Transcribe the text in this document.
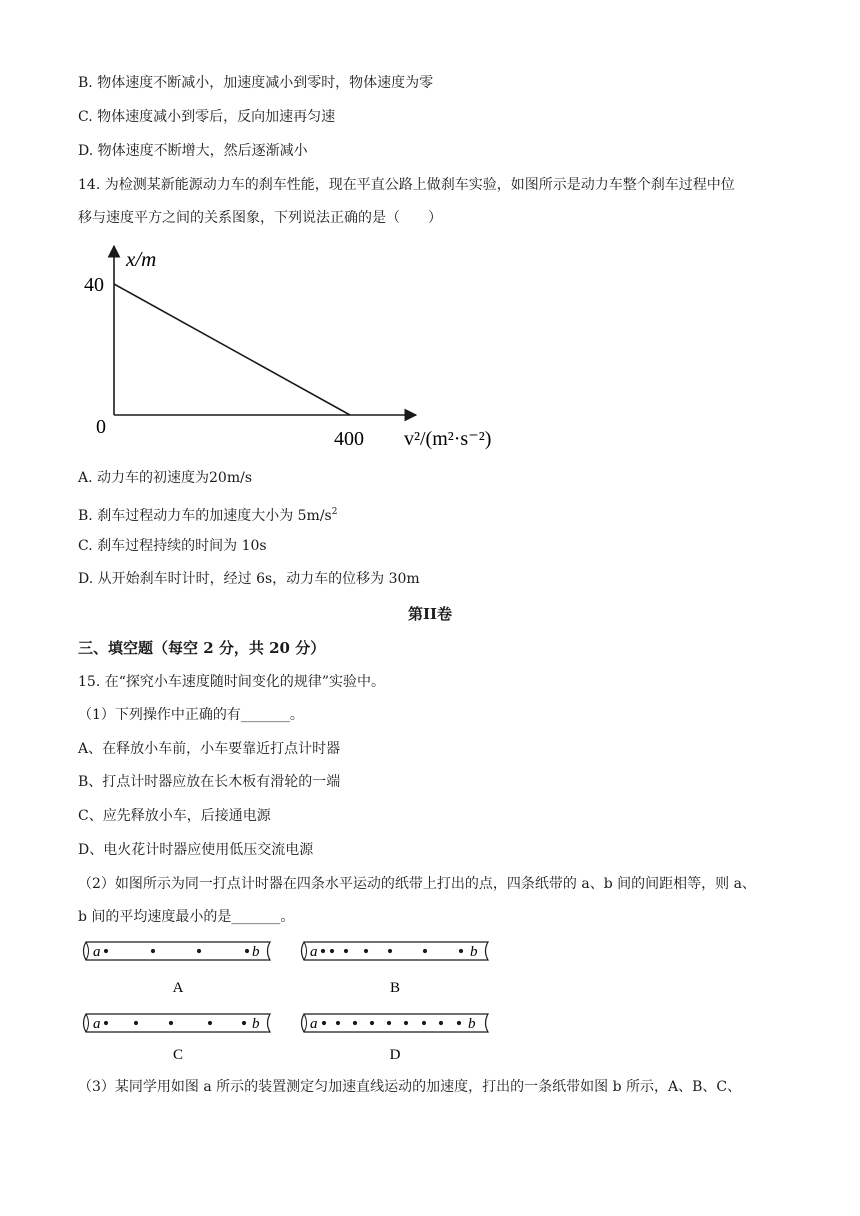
B. 物体速度不断减小，加速度减小到零时，物体速度为零
C. 物体速度减小到零后，反向加速再匀速
D. 物体速度不断增大，然后逐渐减小
14. 为检测某新能源动力车的刹车性能，现在平直公路上做刹车实验，如图所示是动力车整个刹车过程中位
移与速度平方之间的关系图象，下列说法正确的是（　　）
x/m
40
0
400 v²/(m²·s⁻²)
A. 动力车的初速度为20m/s
B. 刹车过程动力车的加速度大小为 $5m/s^2$
C. 刹车过程持续的时间为 10s
D. 从开始刹车时计时，经过 6s，动力车的位移为 30m
第II卷
三、填空题（每空 2 分，共 20 分）
15. 在“探究小车速度随时间变化的规律”实验中。
（1）下列操作中正确的有_______。
A、在释放小车前，小车要靠近打点计时器
B、打点计时器应放在长木板有滑轮的一端
C、应先释放小车，后接通电源
D、电火花计时器应使用低压交流电源
（2）如图所示为同一打点计时器在四条水平运动的纸带上打出的点，四条纸带的 a、b 间的间距相等，则 a、
b 间的平均速度最小的是_______。
a	b
A
a	b
B
a	b
C
a	b
D
（3）某同学用如图 a 所示的装置测定匀加速直线运动的加速度，打出的一条纸带如图 b 所示，A、B、C、
